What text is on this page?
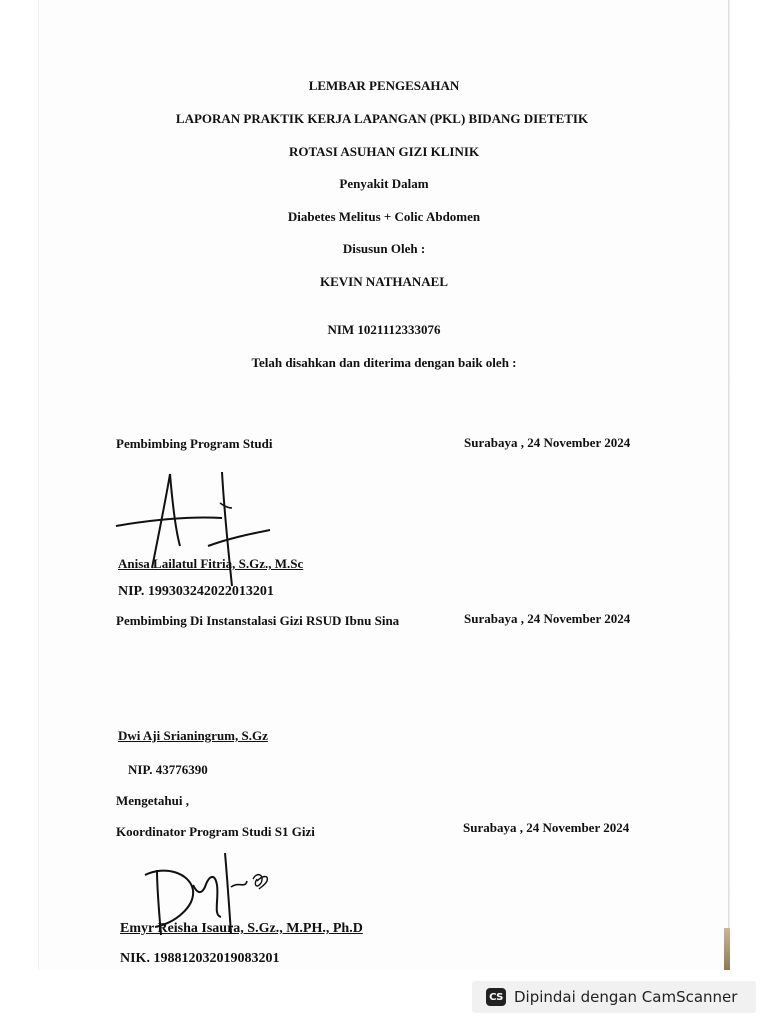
LEMBAR PENGESAHAN
LAPORAN PRAKTIK KERJA LAPANGAN (PKL) BIDANG DIETETIK
ROTASI ASUHAN GIZI KLINIK
Penyakit Dalam
Diabetes Melitus + Colic Abdomen
Disusun Oleh :
KEVIN NATHANAEL
NIM 1021112333076
Telah disahkan dan diterima dengan baik oleh :
Pembimbing Program Studi	Surabaya , 24 November 2024
Anisa Lailatul Fitria, S.Gz., M.Sc
NIP. 199303242022013201
Pembimbing Di Instanstalasi Gizi RSUD Ibnu Sina	Surabaya , 24 November 2024
Dwi Aji Srianingrum, S.Gz
NIP. 43776390
Mengetahui ,
Koordinator Program Studi S1 Gizi	Surabaya , 24 November 2024
Emyr Reisha Isaura, S.Gz., M.PH., Ph.D
NIK. 198812032019083201
CS Dipindai dengan CamScanner
